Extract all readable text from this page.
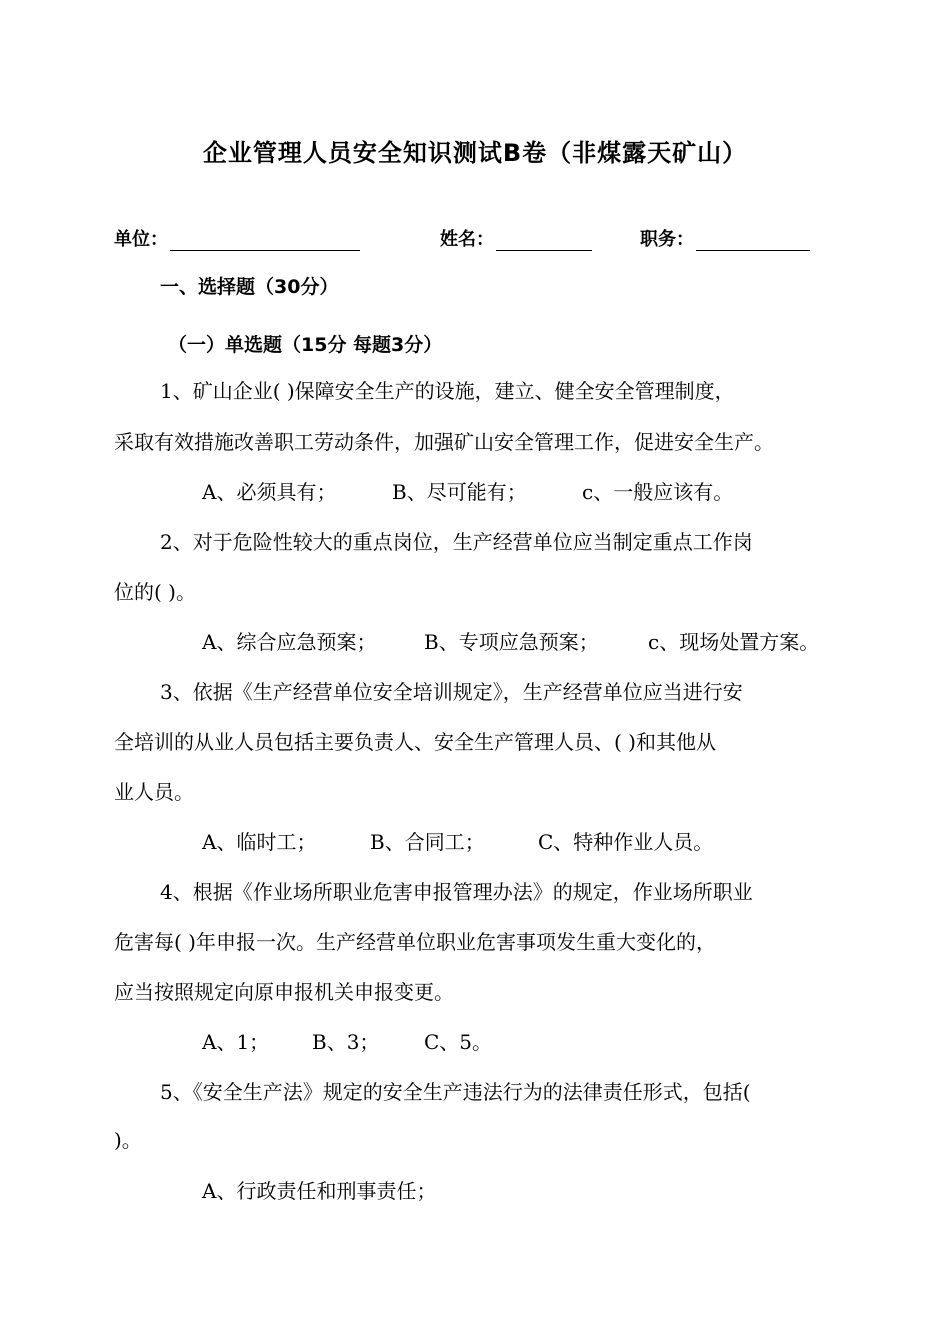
企业管理人员安全知识测试B卷（非煤露天矿山）
单位：	姓名：	职务：
一、选择题（30分）
（一）单选题（15分 每题3分）
1、矿山企业( )保障安全生产的设施，建立、健全安全管理制度，
采取有效措施改善职工劳动条件，加强矿山安全管理工作，促进安全生产。
A、必须具有；	B、尽可能有；	c、一般应该有。
2、对于危险性较大的重点岗位，生产经营单位应当制定重点工作岗
位的( )。
A、综合应急预案； B、专项应急预案； c、现场处置方案。
3、依据《生产经营单位安全培训规定》，生产经营单位应当进行安
全培训的从业人员包括主要负责人、安全生产管理人员、( )和其他从
业人员。
A、临时工；	B、合同工；	C、特种作业人员。
4、根据《作业场所职业危害申报管理办法》的规定，作业场所职业
危害每( )年申报一次。生产经营单位职业危害事项发生重大变化的，
应当按照规定向原申报机关申报变更。
A、1； B、3； C、5。
5、《安全生产法》规定的安全生产违法行为的法律责任形式，包括(
)。
A、行政责任和刑事责任；
